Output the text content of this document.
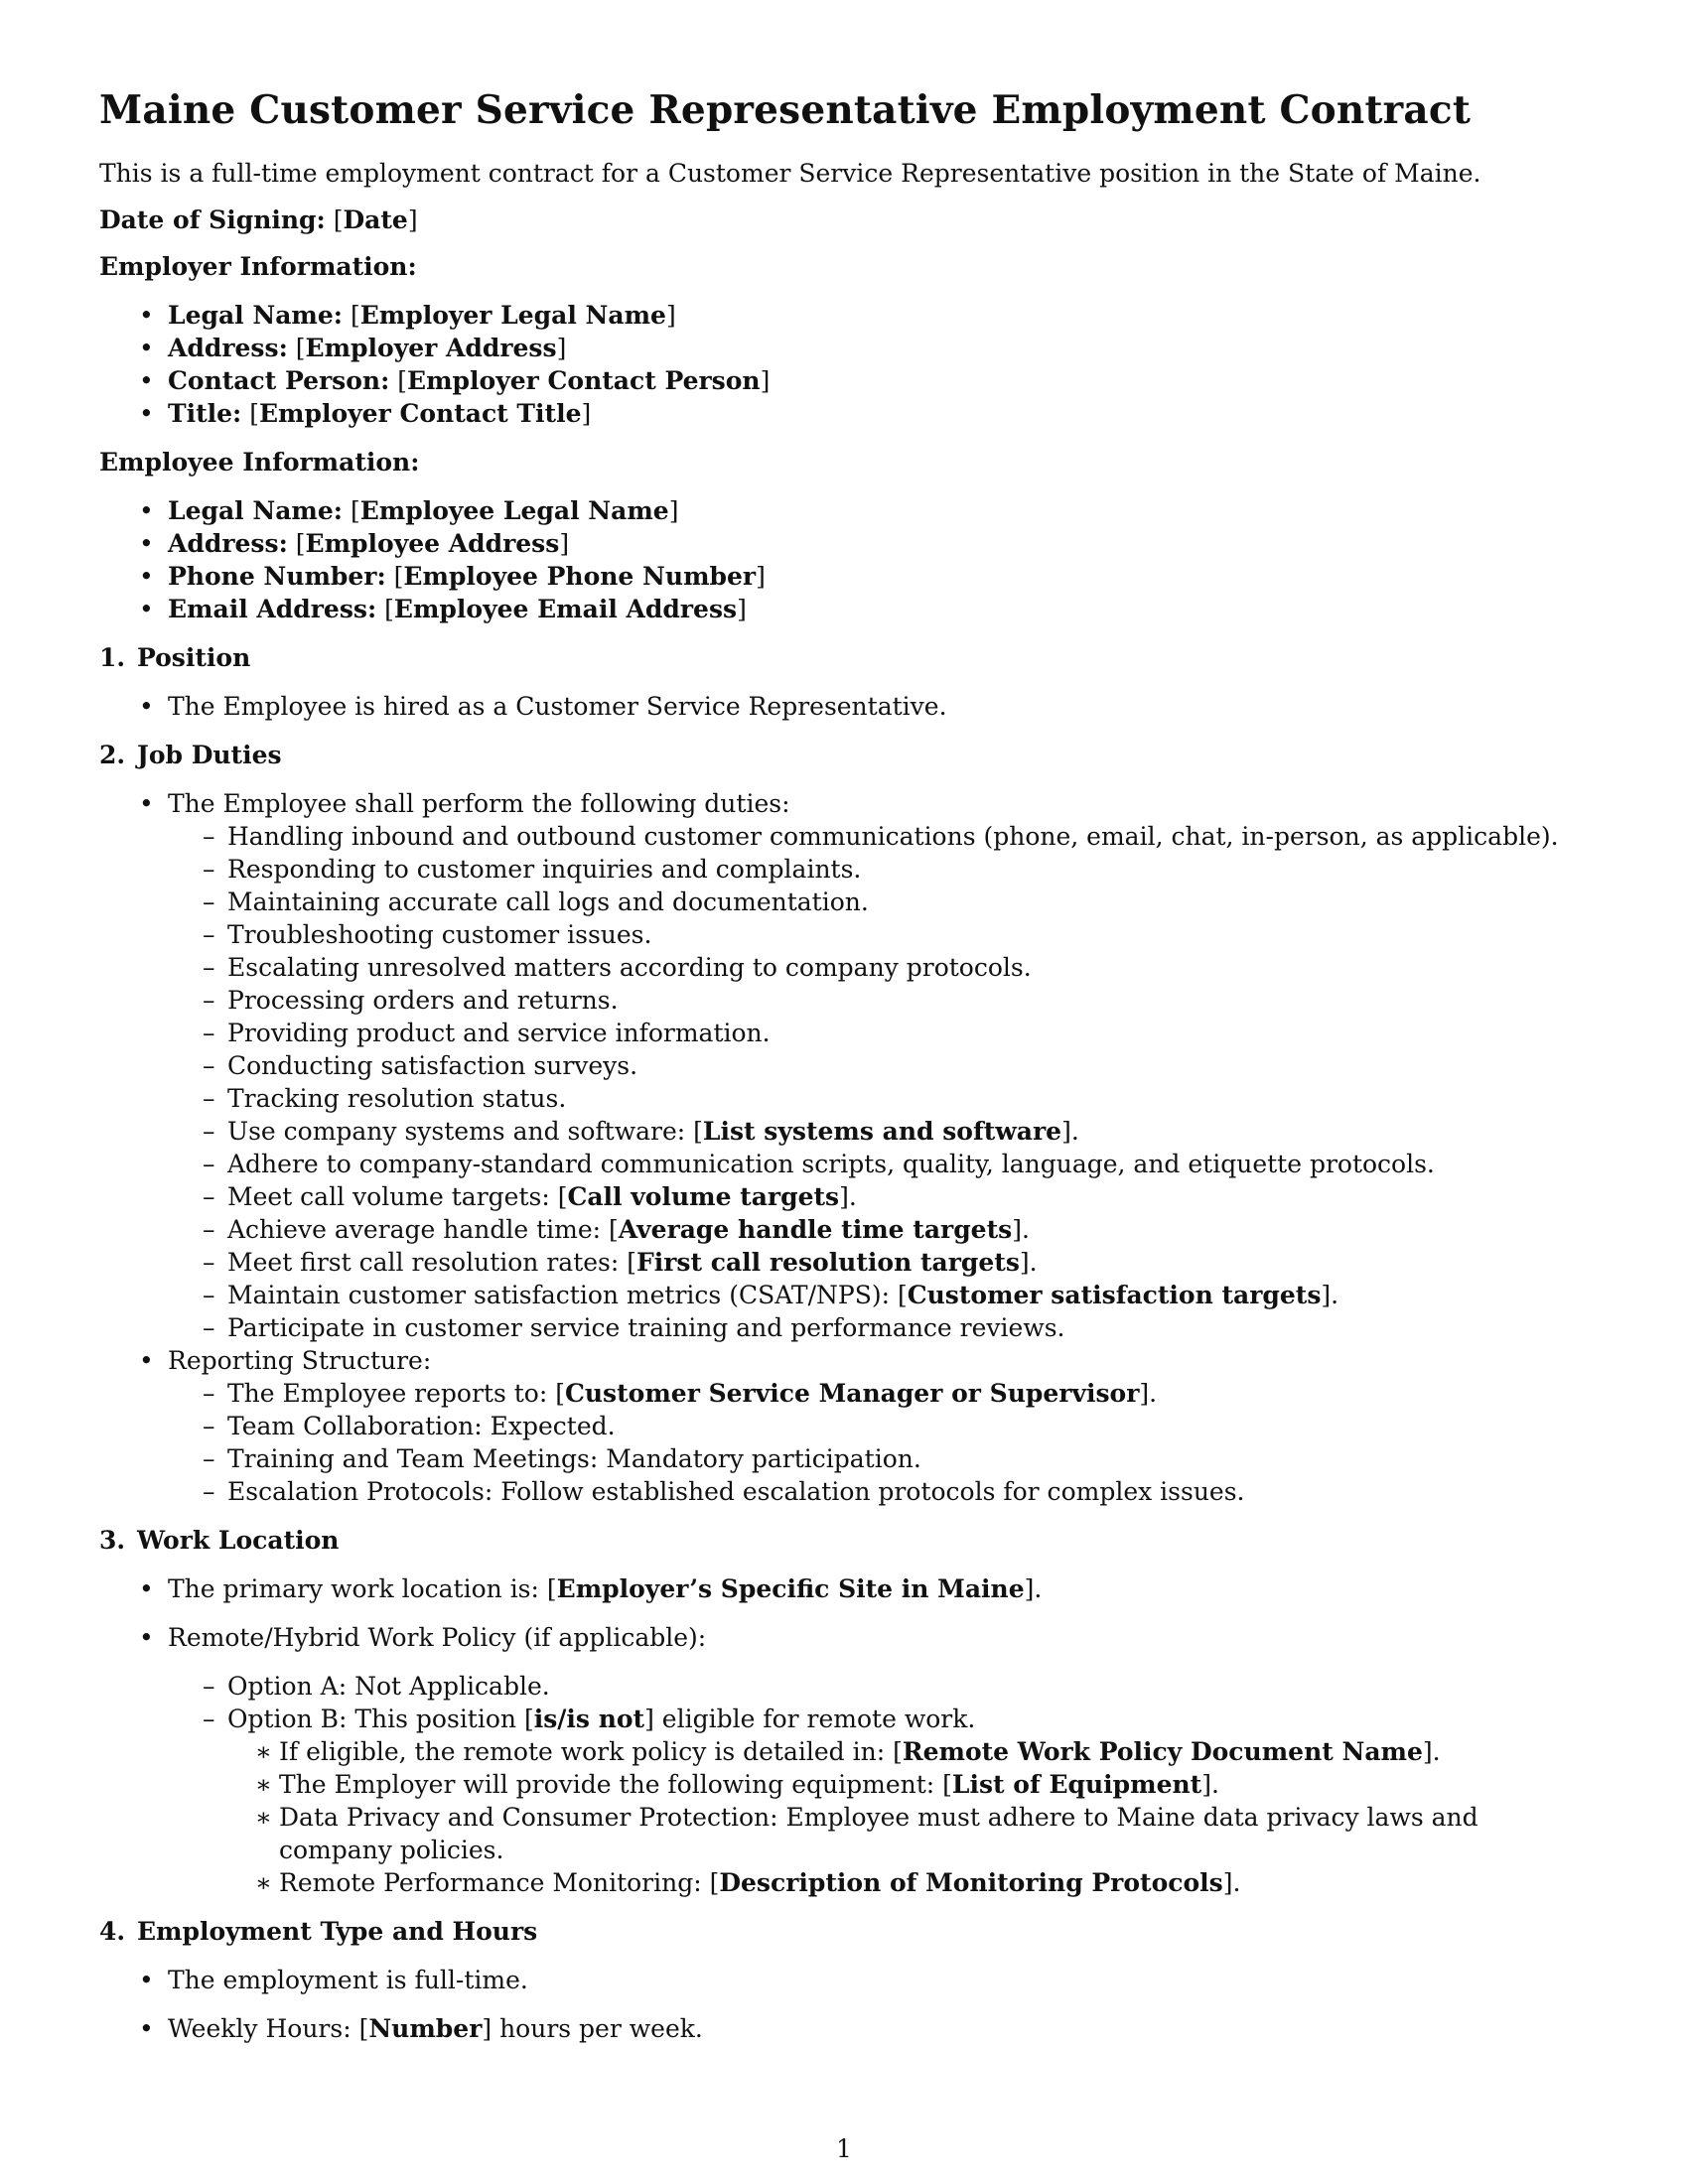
Maine Customer Service Representative Employment Contract

This is a full-time employment contract for a Customer Service Representative position in the State of Maine.

Date of Signing: [Date]

Employer Information:

• Legal Name: [Employer Legal Name]
• Address: [Employer Address]
• Contact Person: [Employer Contact Person]
• Title: [Employer Contact Title]

Employee Information:

• Legal Name: [Employee Legal Name]
• Address: [Employee Address]
• Phone Number: [Employee Phone Number]
• Email Address: [Employee Email Address]
1. Position
• The Employee is hired as a Customer Service Representative.
2. Job Duties
• The Employee shall perform the following duties:
– Handling inbound and outbound customer communications (phone, email, chat, in-person, as applicable).
– Responding to customer inquiries and complaints.
– Maintaining accurate call logs and documentation.
– Troubleshooting customer issues.
– Escalating unresolved matters according to company protocols.
– Processing orders and returns.
– Providing product and service information.
– Conducting satisfaction surveys.
– Tracking resolution status.
– Use company systems and software: [List systems and software].
– Adhere to company-standard communication scripts, quality, language, and etiquette protocols.
– Meet call volume targets: [Call volume targets].
– Achieve average handle time: [Average handle time targets].
– Meet first call resolution rates: [First call resolution targets].
– Maintain customer satisfaction metrics (CSAT/NPS): [Customer satisfaction targets].
– Participate in customer service training and performance reviews.
• Reporting Structure:
– The Employee reports to: [Customer Service Manager or Supervisor].
– Team Collaboration: Expected.
– Training and Team Meetings: Mandatory participation.
– Escalation Protocols: Follow established escalation protocols for complex issues.
3. Work Location
• The primary work location is: [Employer’s Specific Site in Maine].
• Remote/Hybrid Work Policy (if applicable):
– Option A: Not Applicable.
– Option B: This position [is/is not] eligible for remote work.
∗ If eligible, the remote work policy is detailed in: [Remote Work Policy Document Name].
∗ The Employer will provide the following equipment: [List of Equipment].
∗ Data Privacy and Consumer Protection: Employee must adhere to Maine data privacy laws and company policies.
∗ Remote Performance Monitoring: [Description of Monitoring Protocols].
4. Employment Type and Hours
• The employment is full-time.
• Weekly Hours: [Number] hours per week.
1
